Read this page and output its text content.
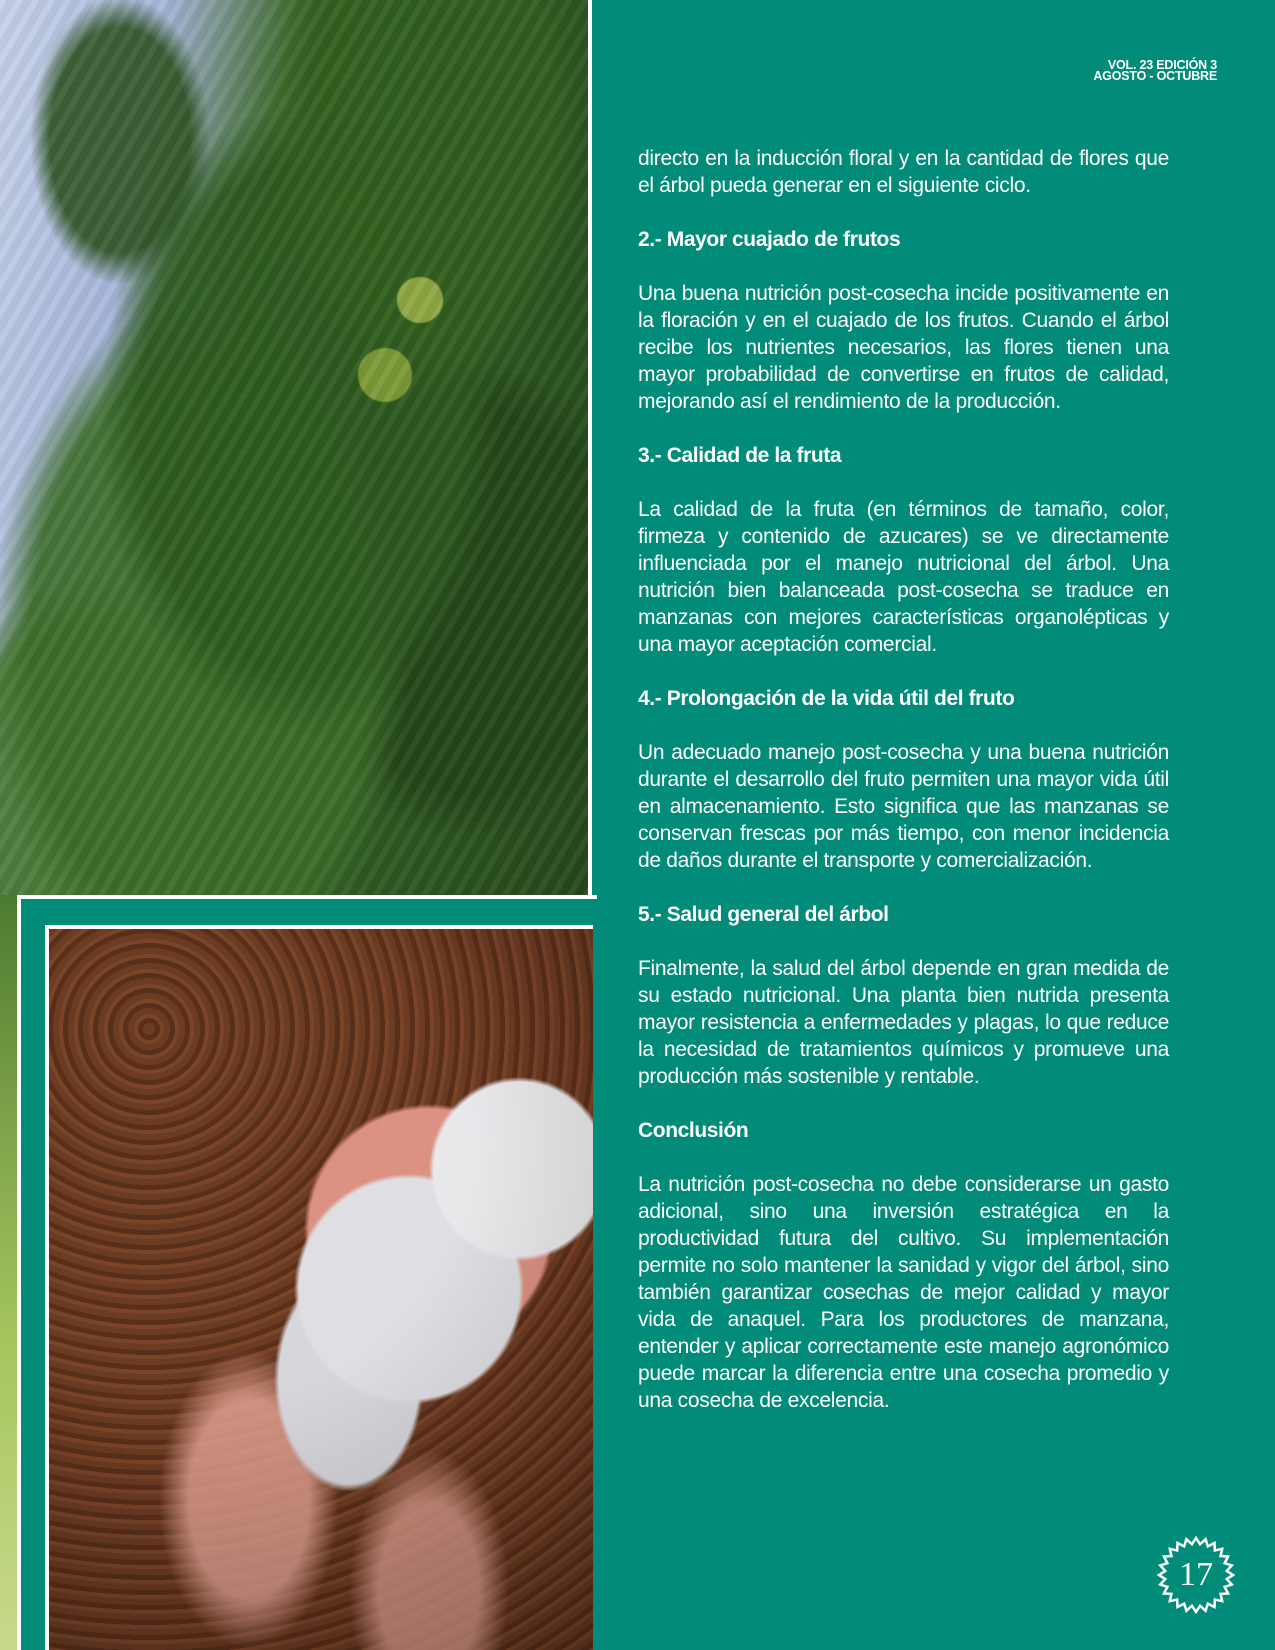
VOL. 23 EDICIÓN 3
AGOSTO - OCTUBRE

directo en la inducción floral y en la cantidad de flores que el árbol pueda generar en el siguiente ciclo.

2.- Mayor cuajado de frutos

Una buena nutrición post-cosecha incide positivamente en la floración y en el cuajado de los frutos. Cuando el árbol recibe los nutrientes necesarios, las flores tienen una mayor probabilidad de convertirse en frutos de calidad, mejorando así el rendimiento de la producción.

3.- Calidad de la fruta

La calidad de la fruta (en términos de tamaño, color, firmeza y contenido de azucares) se ve directamente influenciada por el manejo nutricional del árbol. Una nutrición bien balanceada post-cosecha se traduce en manzanas con mejores características organolépticas y una mayor aceptación comercial.

4.- Prolongación de la vida útil del fruto

Un adecuado manejo post-cosecha y una buena nutrición durante el desarrollo del fruto permiten una mayor vida útil en almacenamiento. Esto significa que las manzanas se conservan frescas por más tiempo, con menor incidencia de daños durante el transporte y comercialización.

5.- Salud general del árbol

Finalmente, la salud del árbol depende en gran medida de su estado nutricional. Una planta bien nutrida presenta mayor resistencia a enfermedades y plagas, lo que reduce la necesidad de tratamientos químicos y promueve una producción más sostenible y rentable.

Conclusión

La nutrición post-cosecha no debe considerarse un gasto adicional, sino una inversión estratégica en la productividad futura del cultivo. Su implementación permite no solo mantener la sanidad y vigor del árbol, sino también garantizar cosechas de mejor calidad y mayor vida de anaquel. Para los productores de manzana, entender y aplicar correctamente este manejo agronómico puede marcar la diferencia entre una cosecha promedio y una cosecha de excelencia.

17
